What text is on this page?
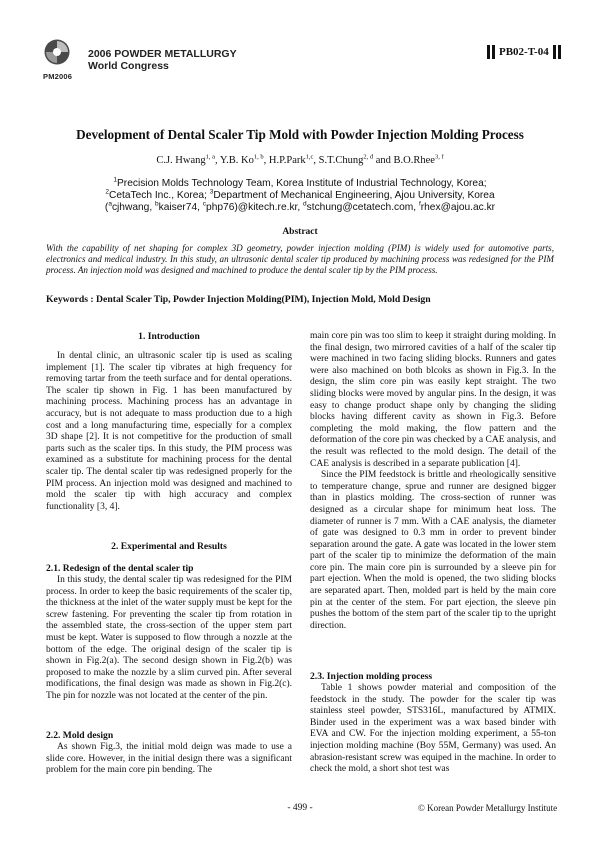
PM2006
2006 POWDER METALLURGY
World Congress
PB02-T-04
Development of Dental Scaler Tip Mold with Powder Injection Molding Process
C.J. Hwang$^{1, a}$, Y.B. Ko$^{1, b}$, H.P.Park$^{1,c}$, S.T.Chung$^{2, d}$ and B.O.Rhee$^{3, f}$
$^1$Precision Molds Technology Team, Korea Institute of Industrial Technology, Korea;
$^2$CetaTech Inc., Korea; $^3$Department of Mechanical Engineering, Ajou University, Korea
($^a$cjhwang, $^b$kaiser74, $^c$php76)@kitech.re.kr, $^d$stchung@cetatech.com, $^f$rhex@ajou.ac.kr
Abstract
With the capability of net shaping for complex 3D geometry, powder injection molding (PIM) is widely used for automotive parts, electronics and medical industry. In this study, an ultrasonic dental scaler tip produced by machining process was redesigned for the PIM process. An injection mold was designed and machined to produce the dental scaler tip by the PIM process.
Keywords : Dental Scaler Tip, Powder Injection Molding(PIM), Injection Mold, Mold Design
1. Introduction

In dental clinic, an ultrasonic scaler tip is used as scaling implement [1]. The scaler tip vibrates at high frequency for removing tartar from the teeth surface and for dental operations. The scaler tip shown in Fig. 1 has been manufactured by machining process. Machining process has an advantage in accuracy, but is not adequate to mass production due to a high cost and a long manufacturing time, especially for a complex 3D shape [2]. It is not competitive for the production of small parts such as the scaler tips. In this study, the PIM process was examined as a substitute for machining process for the dental scaler tip. The dental scaler tip was redesigned properly for the PIM process. An injection mold was designed and machined to mold the scaler tip with high accuracy and complex functionality [3, 4].

2. Experimental and Results
2.1. Redesign of the dental scaler tip

In this study, the dental scaler tip was redesigned for the PIM process. In order to keep the basic requirements of the scaler tip, the thickness at the inlet of the water supply must be kept for the screw fastening. For preventing the scaler tip from rotation in the assembled state, the cross-section of the upper stem part must be kept. Water is supposed to flow through a nozzle at the bottom of the edge. The original design of the scaler tip is shown in Fig.2(a). The second design shown in Fig.2(b) was proposed to make the nozzle by a slim curved pin. After several modifications, the final design was made as shown in Fig.2(c). The pin for nozzle was not located at the center of the pin.

2.2. Mold design

As shown Fig.3, the initial mold deign was made to use a slide core. However, in the initial design there was a significant problem for the main core pin bending. The

main core pin was too slim to keep it straight during molding. In the final design, two mirrored cavities of a half of the scaler tip were machined in two facing sliding blocks. Runners and gates were also machined on both blcoks as shown in Fig.3. In the design, the slim core pin was easily kept straight. The two sliding blocks were moved by angular pins. In the design, it was easy to change product shape only by changing the sliding blocks having different cavity as shown in Fig.3. Before completing the mold making, the flow pattern and the deformation of the core pin was checked by a CAE analysis, and the result was reflected to the mold design. The detail of the CAE analysis is described in a separate publication [4].

Since the PIM feedstock is brittle and rheologically sensitive to temperature change, sprue and runner are designed bigger than in plastics molding. The cross-section of runner was designed as a circular shape for minimum heat loss. The diameter of runner is 7 mm. With a CAE analysis, the diameter of gate was designed to 0.3 mm in order to prevent binder separation around the gate. A gate was located in the lower stem part of the scaler tip to minimize the deformation of the main core pin. The main core pin is surrounded by a sleeve pin for part ejection. When the mold is opened, the two sliding blocks are separated apart. Then, molded part is held by the main core pin at the center of the stem. For part ejection, the sleeve pin pushes the bottom of the stem part of the scaler tip to the upright direction.

2.3. Injection molding process

Table 1 shows powder material and composition of the feedstock in the study. The powder for the scaler tip was stainless steel powder, STS316L, manufactured by ATMIX. Binder used in the experiment was a wax based binder with EVA and CW. For the injection molding experiment, a 55-ton injection molding machine (Boy 55M, Germany) was used. An abrasion-resistant screw was equiped in the machine. In order to check the mold, a short shot test was

- 499 -	© Korean Powder Metallurgy Institute
